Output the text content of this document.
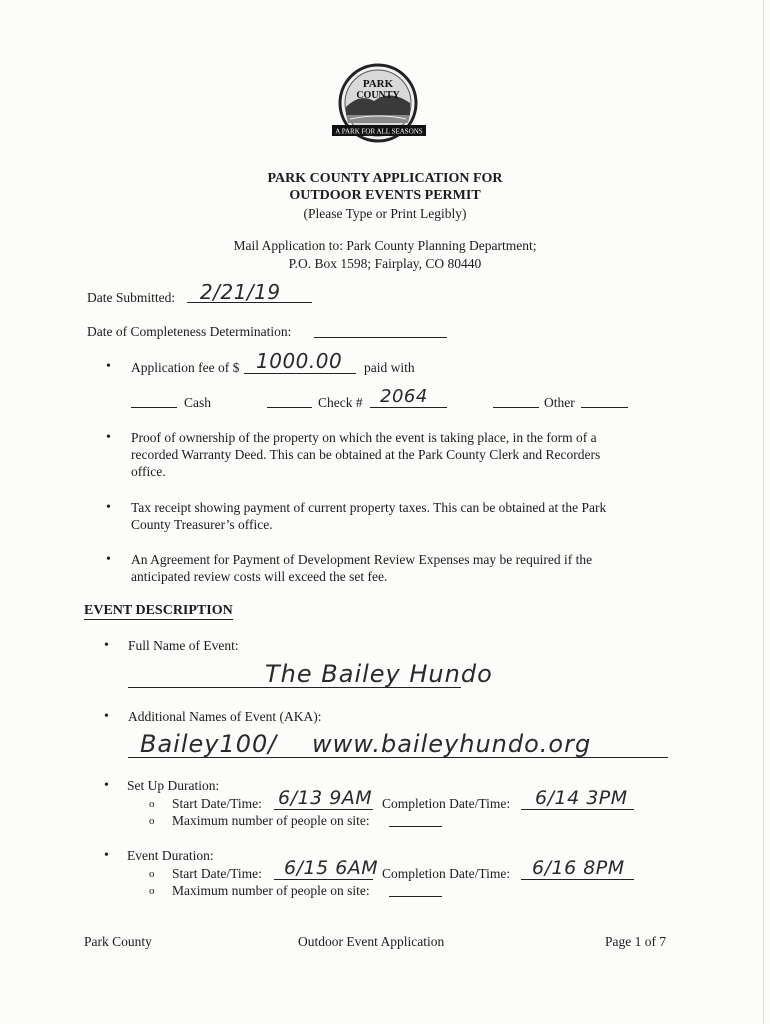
PARK
COUNTY
A PARK FOR ALL SEASONS
PARK COUNTY APPLICATION FOR
OUTDOOR EVENTS PERMIT
(Please Type or Print Legibly)
Mail Application to: Park County Planning Department;
P.O. Box 1598; Fairplay, CO 80440
Date Submitted: 2/21/19
Date of Completeness Determination:
• Application fee of $ 1000.00 paid with
Cash	Check # 2064	Other
• Proof of ownership of the property on which the event is taking place, in the form of a
recorded Warranty Deed. This can be obtained at the Park County Clerk and Recorders
office.
• Tax receipt showing payment of current property taxes. This can be obtained at the Park
County Treasurer’s office.
• An Agreement for Payment of Development Review Expenses may be required if the
anticipated review costs will exceed the set fee.
EVENT DESCRIPTION
• Full Name of Event:
The Bailey Hundo
• Additional Names of Event (AKA):
Bailey100 / www.baileyhundo.org
• Set Up Duration:
o Start Date/Time: 6/13 9AM Completion Date/Time: 6/14 3PM
o Maximum number of people on site:
• Event Duration:
o Start Date/Time: 6/15 6AM Completion Date/Time: 6/16 8PM
o Maximum number of people on site:
Park County	Outdoor Event Application	Page 1 of 7
